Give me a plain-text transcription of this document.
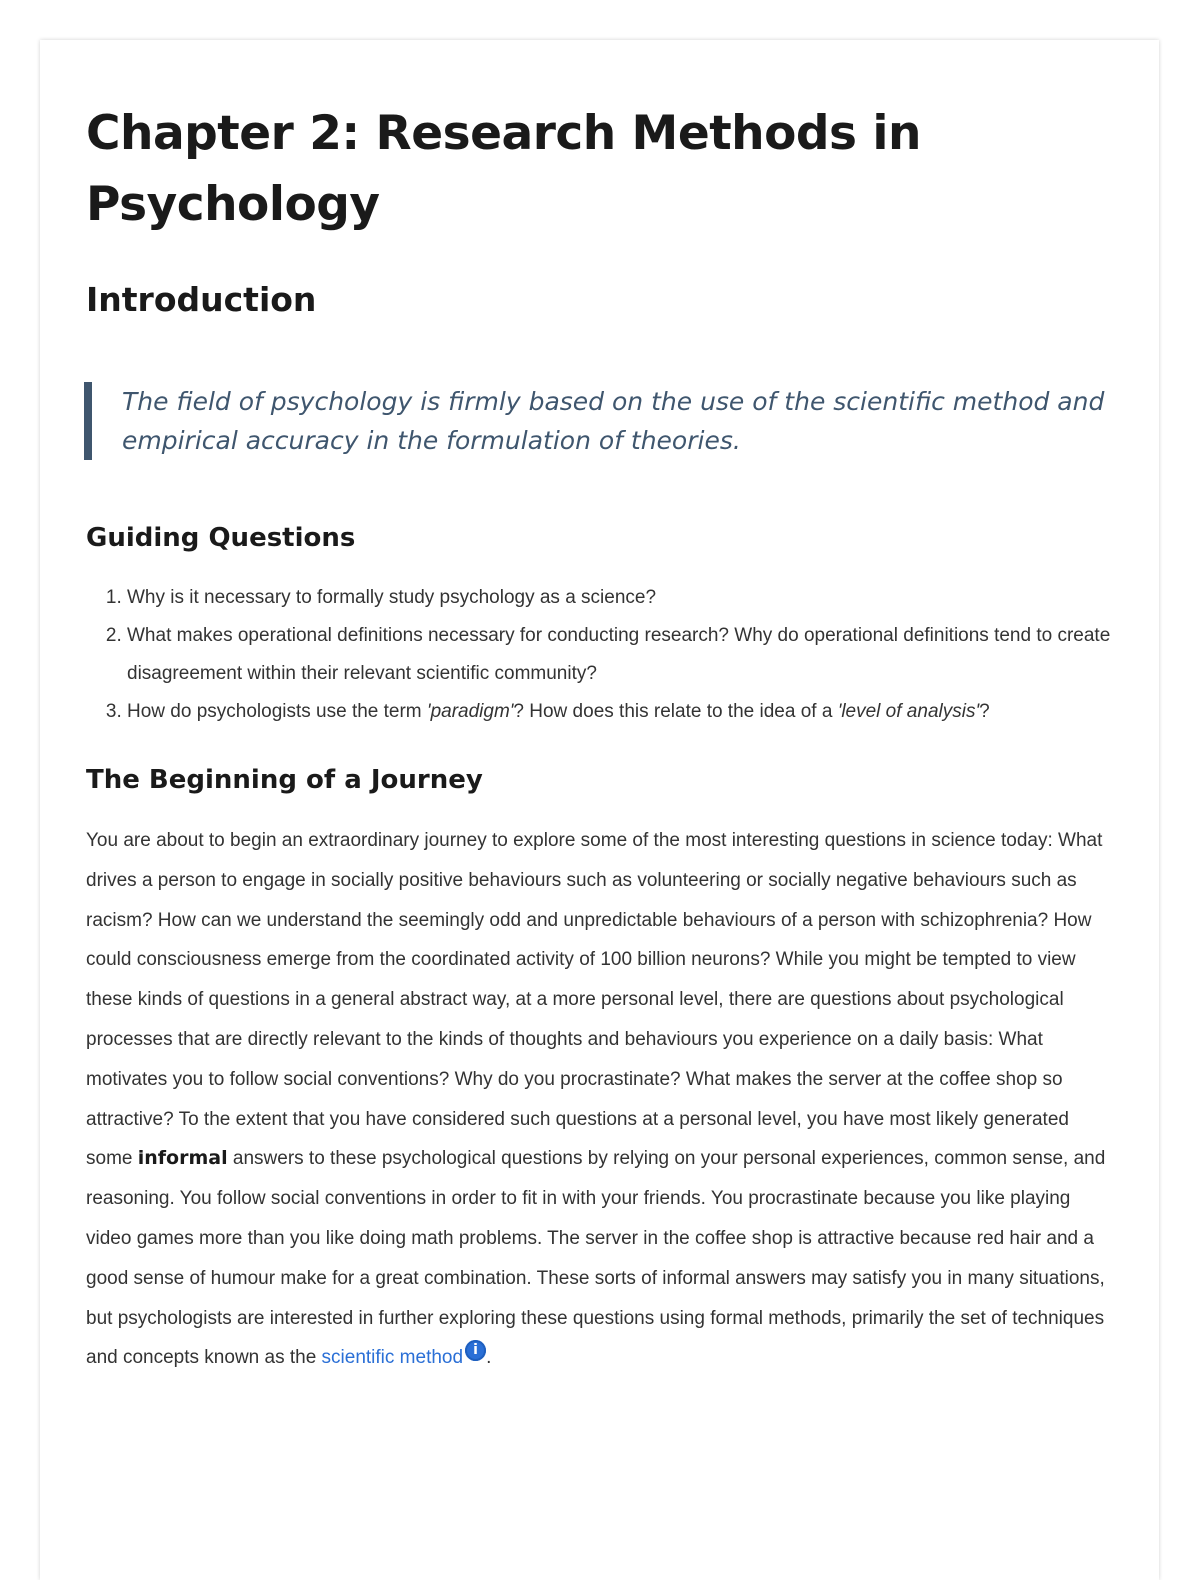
Chapter 2: Research Methods in Psychology
Introduction
The field of psychology is firmly based on the use of the scientific method and empirical accuracy in the formulation of theories.
Guiding Questions
1. Why is it necessary to formally study psychology as a science?
2. What makes operational definitions necessary for conducting research? Why do operational definitions tend to create disagreement within their relevant scientific community?
3. How do psychologists use the term 'paradigm'? How does this relate to the idea of a 'level of analysis'?
The Beginning of a Journey

You are about to begin an extraordinary journey to explore some of the most interesting questions in science today: What drives a person to engage in socially positive behaviours such as volunteering or socially negative behaviours such as racism? How can we understand the seemingly odd and unpredictable behaviours of a person with schizophrenia? How could consciousness emerge from the coordinated activity of 100 billion neurons? While you might be tempted to view these kinds of questions in a general abstract way, at a more personal level, there are questions about psychological processes that are directly relevant to the kinds of thoughts and behaviours you experience on a daily basis: What motivates you to follow social conventions? Why do you procrastinate? What makes the server at the coffee shop so attractive? To the extent that you have considered such questions at a personal level, you have most likely generated some informal answers to these psychological questions by relying on your personal experiences, common sense, and reasoning. You follow social conventions in order to fit in with your friends. You procrastinate because you like playing video games more than you like doing math problems. The server in the coffee shop is attractive because red hair and a good sense of humour make for a great combination. These sorts of informal answers may satisfy you in many situations, but psychologists are interested in further exploring these questions using formal methods, primarily the set of techniques and concepts known as the scientific method i .
